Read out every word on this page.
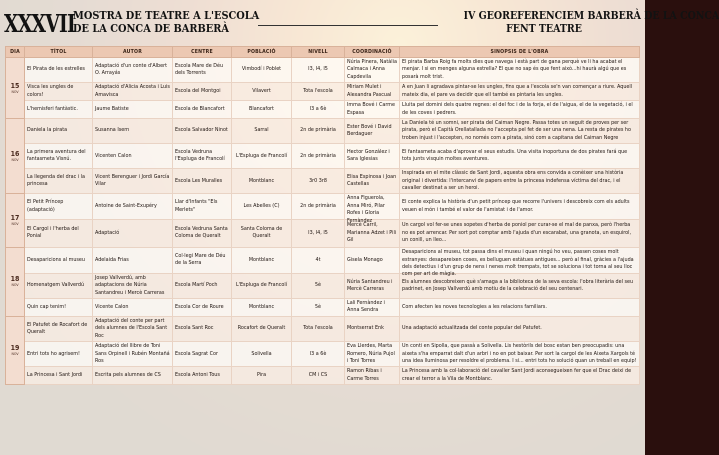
XXXVII
MOSTRA DE TEATRE A L'ESCOLA
DE LA CONCA DE BARBERÀ
IV GEOREFERENCIEM BARBERÀ DE LA CONCA
FENT TEATRE
DIA	TÍTOL	AUTOR	CENTRE	POBLACIÓ	NIVELL	COORDINACIÓ	SINOPSIS DE L'OBRA

15
NOV	El Pirata de les estrelles	Adaptació d'un conte d'Albert O. Arrayás	Escola Mare de Déu dels Torrents	Vimbodí i Poblet	I3, I4, I5	Núria Pinera, Natàlia Calmaca i Anna Capdevila	El pirata Barba Roig fa molts dies que navega i està part de gana perquè ve li ha acabat el menjar. I si en menges alguna estrella? El que no sap és que fent això...hi haurà algú que es posarà molt trist.

	Visca les ungles de colors!	Adaptació d'Alicia Acosta i Luis Amavisca	Escola del Montgoi	Vilavert	Tota l'escola	Miriam Mulet i Alexandra Pascual	A en Juan li agradava pintar-se les ungles, fins que a l'escola se'n van començar a riure. Aquell mateix dia, el pare va decidir que ell també es pintaria les ungles.

	L'hemisferi fantàstic.	Jaume Batiste	Escola de Blancafort	Blancafort	I3 a 6è	Imma Bové i Carme Espasa	Lluita pel domini dels quatre regnes: el del foc i de la forja, el de l'aigua, el de la vegetació, i el de les coves i pedrers.

16
NOV	Daniela la pirata	Susanna Isern	Escola Salvador Ninot	Sarral	2n de primària	Ester Bové i David Berdaguer	La Daniela té un somni, ser pirata del Caiman Negre. Passa totes un seguit de proves per ser pirata, però el Capità Orellatallada no l'accepta pel fet de ser una nena. La resta de pirates ho troben injust i l'accepten, no només com a pirata, sinó com a capitana del Caiman Negre

	La primera aventura del fantasmeta Visnú.	Vicenten Calon	Escola Vedruna l'Espluga de Francolí	L'Espluga de Francolí	2n de primària	Hector González i Sara Iglesias	El fantasmeta acaba d'aprovar el seus estudis. Una visita inoportuna de dos pirates fará que tots junts visquin moltes aventures.

	La llegenda del drac i la princesa	Vicent Berenguer i Jordi García Vilar	Escola Les Muralles	Montblanc	3r0 3r8	Elisa Espinosa i Joan Castellas	Inspirada en el mite clàssic de Sant Jordi, aquesta obra ens convida a conèixer una història original i divertida: l'intercanvi de papers entre la princesa indefensa víctima del drac, i el cavaller destinat a ser un heroi.

17
NOV	El Petit Príncep (adaptació)	Antoine de Saint-Exupéry	Llar d'Infants "Els Merlets"	Les Abelles (C)	2n de primària	Anna Figuerola, Anna Miró, Pilar Rofes i Gloria Fernàndez	El conte explica la història d'un petit príncep que recorre l'univers i descobreix com els adults veuen el món i també el valor de l'amistat i de l'amor.

	El Cargol i l'herba del Ponial	Adaptació	Escola Vedruna Santa Coloma de Queralt	Santa Coloma de Queralt	I3, I4, I5	Mercè Carril, Marianna Adzet i Pili Gil	Un cargol vol fer-se unes sopetes d'herba de poniol per curar-se el mal de panxa, però l'herba no es pot arrencar. Per sort pot comptar amb l'ajuda d'un escarabat, una granota, un esquirol, un conill, un lleo...

18
NOV	Desaparicions al museu	Adelaida Frias	Col·legi Mare de Déu de la Serra	Montblanc	4t	Gisela Monago	Desaparicions al museu, tot passa dins el museu i quan ningú ho veu, passen coses molt estranyes: desapareixen coses, es belluguen estàtues antigues... però al final, gràcies a l'ajuda dels detectius i d'un grup de nens i nenes molt trempats, tot se soluciona i tot torna al seu lloc com per art de màgia.

	Homenatgem Vallverdú	Josep Vallverdú, amb adaptacions de Núria Santandreu i Mercè Carreras	Escola Martí Poch	L'Espluga de Francolí	5è	Núria Santandreu i Mercè Carreras	Els alumnes descobreixen què s'amaga a la biblioteca de la seva escola: l'obra literària del seu padrinet, en Josep Vallverdú amb motiu de la celebració del seu centenari.

	Quin cap tenim!	Vicente Calon	Escola Cor de Roure	Montblanc	5è	Lali Fernàndez i Anna Sendra	Com afecten les noves tecnologies a les relacions familiars.

19
NOV	El Patufet de Rocafort de Queralt	Adaptació del conte per part dels alumnes de l'Escola Sant Roc	Escola Sant Roc	Rocafort de Queralt	Tota l'escola	Montserrat Enk	Una adaptació actualitzada del conte popular del Patufet.

	Entri tots ho agrisem!	Adaptació del llibre de Toni Sans Orpinell i Rubén Montañá Ros	Escola Sagrat Cor	Solivella	I3 a 6è	Eva Llerdes, Marta Romero, Núria Pujol i Toni Torres	Un conti en Sipolla, que passà a Solivella. Lis hestòrils del bosc estan ben preocupadis: una aixeta s'ha emparrat dalt d'un arbri i no en pot baixar. Per sort la cargol de les Aixeta Xargols té una idea lluminosa per resoldre el problema. I si... entri tots ho solució quan un treball en equip!

	La Princesa i Sant Jordi	Escrita pels alumnes de CS	Escola Antoni Tous	Pira	CM i CS	Ramon Ribas i Carme Torres	La Princesa amb la col·laboració del cavaller Sant Jordi aconsegueixen fer que el Drac deixi de crear el terror a la Vila de Montblanc.
